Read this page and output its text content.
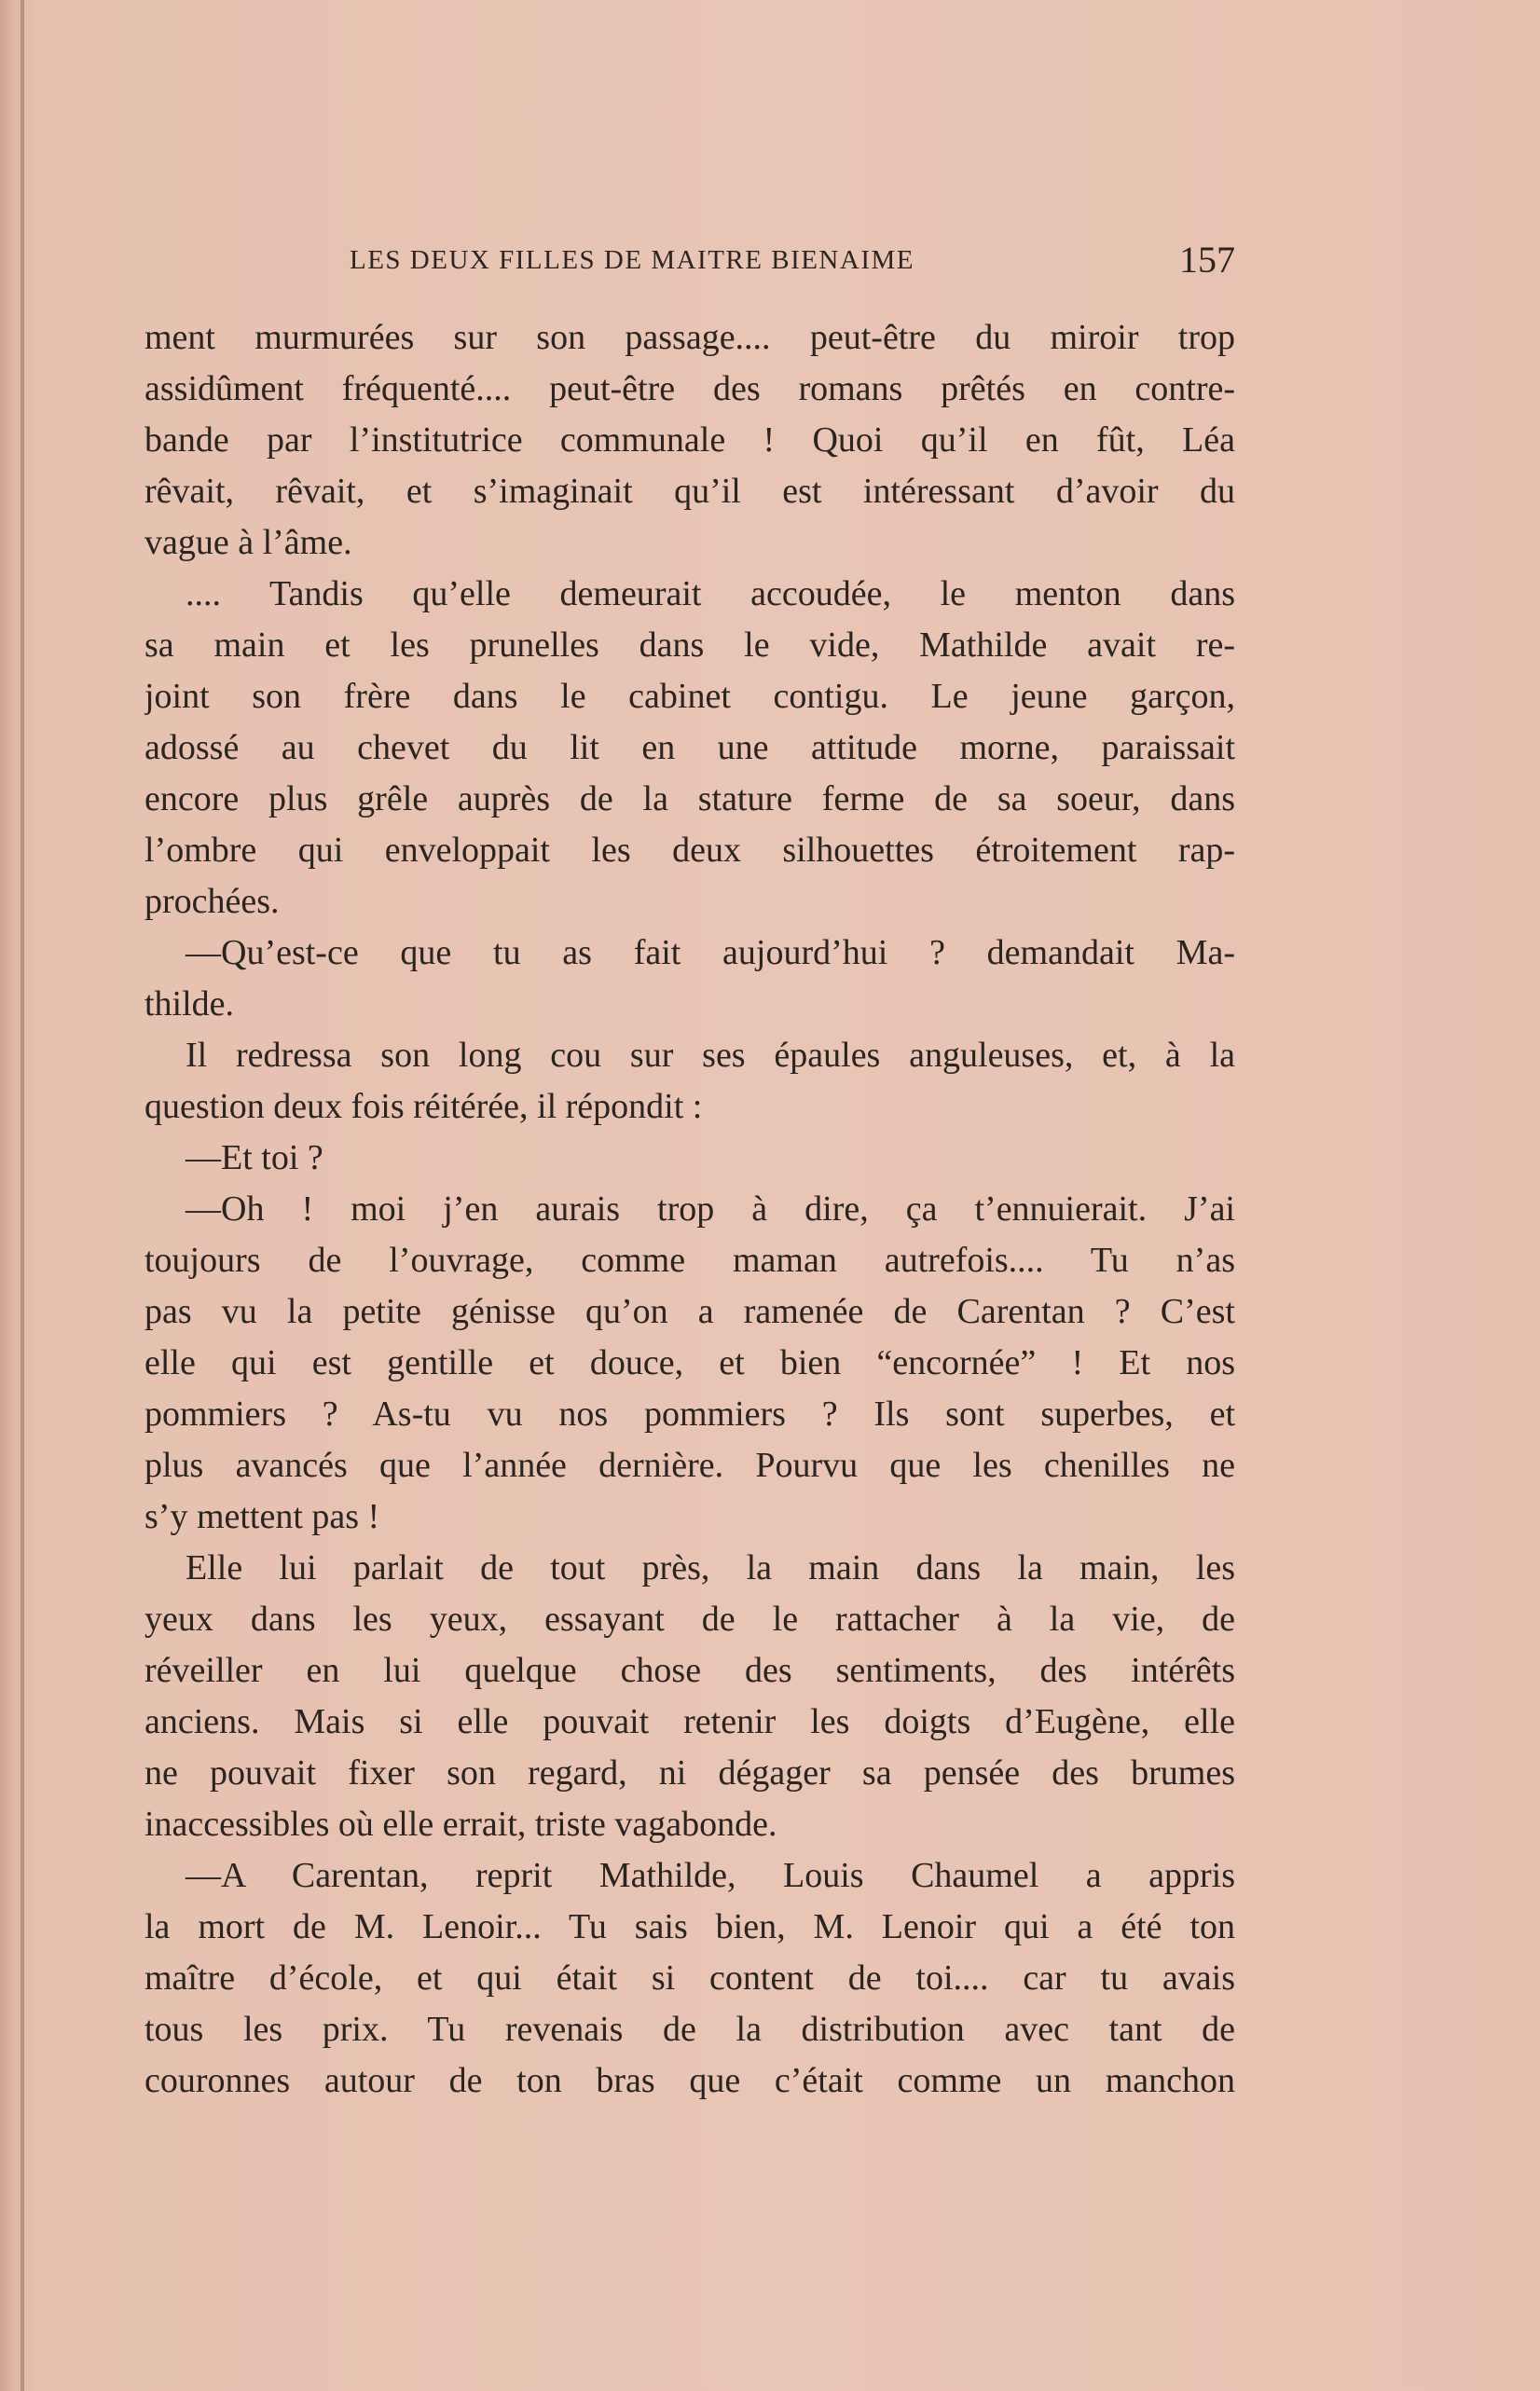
LES DEUX FILLES DE MAITRE BIENAIME	157
ment murmurées sur son passage.... peut-être du miroir trop
assidûment fréquenté.... peut-être des romans prêtés en contre-
bande par l’institutrice communale ! Quoi qu’il en fût, Léa
rêvait, rêvait, et s’imaginait qu’il est intéressant d’avoir du
vague à l’âme.
.... Tandis qu’elle demeurait accoudée, le menton dans
sa main et les prunelles dans le vide, Mathilde avait re-
joint son frère dans le cabinet contigu. Le jeune garçon,
adossé au chevet du lit en une attitude morne, paraissait
encore plus grêle auprès de la stature ferme de sa soeur, dans
l’ombre qui enveloppait les deux silhouettes étroitement rap-
prochées.
—Qu’est-ce que tu as fait aujourd’hui ? demandait Ma-
thilde.
Il redressa son long cou sur ses épaules anguleuses, et, à la
question deux fois réitérée, il répondit :
—Et toi ?
—Oh ! moi j’en aurais trop à dire, ça t’ennuierait. J’ai
toujours de l’ouvrage, comme maman autrefois.... Tu n’as
pas vu la petite génisse qu’on a ramenée de Carentan ? C’est
elle qui est gentille et douce, et bien “encornée” ! Et nos
pommiers ? As-tu vu nos pommiers ? Ils sont superbes, et
plus avancés que l’année dernière. Pourvu que les chenilles ne
s’y mettent pas !
Elle lui parlait de tout près, la main dans la main, les
yeux dans les yeux, essayant de le rattacher à la vie, de
réveiller en lui quelque chose des sentiments, des intérêts
anciens. Mais si elle pouvait retenir les doigts d’Eugène, elle
ne pouvait fixer son regard, ni dégager sa pensée des brumes
inaccessibles où elle errait, triste vagabonde.
—A Carentan, reprit Mathilde, Louis Chaumel a appris
la mort de M. Lenoir... Tu sais bien, M. Lenoir qui a été ton
maître d’école, et qui était si content de toi.... car tu avais
tous les prix. Tu revenais de la distribution avec tant de
couronnes autour de ton bras que c’était comme un manchon
